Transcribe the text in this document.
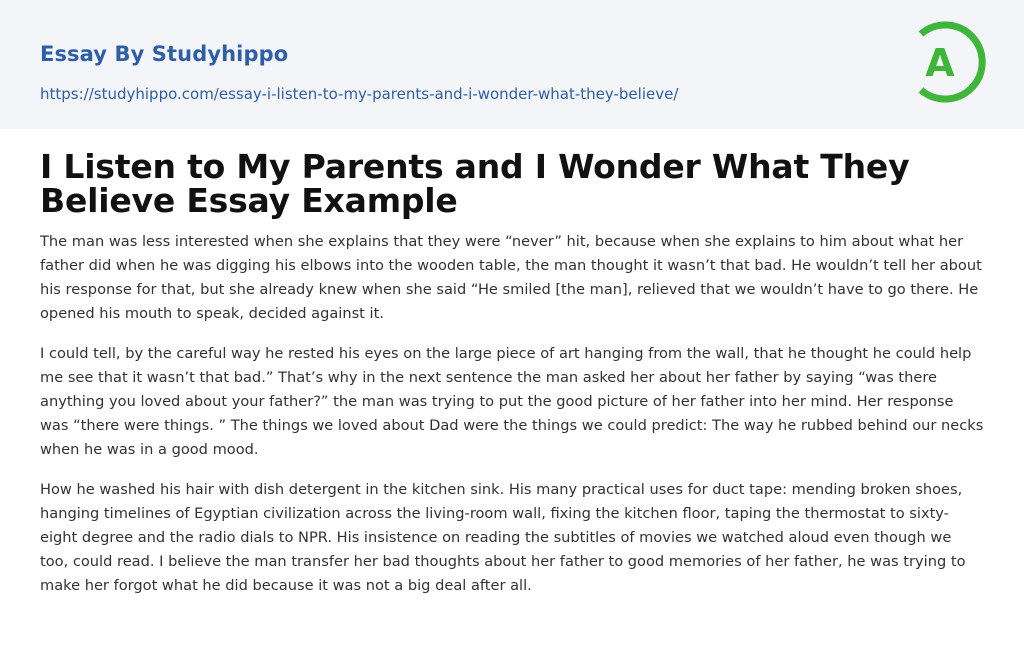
Essay By Studyhippo
https://studyhippo.com/essay-i-listen-to-my-parents-and-i-wonder-what-they-believe/
A
I Listen to My Parents and I Wonder What They Believe Essay Example

The man was less interested when she explains that they were “never” hit, because when she explains to him about what her father did when he was digging his elbows into the wooden table, the man thought it wasn’t that bad. He wouldn’t tell her about his response for that, but she already knew when she said “He smiled [the man], relieved that we wouldn’t have to go there. He opened his mouth to speak, decided against it.

I could tell, by the careful way he rested his eyes on the large piece of art hanging from the wall, that he thought he could help me see that it wasn’t that bad.” That’s why in the next sentence the man asked her about her father by saying “was there anything you loved about your father?” the man was trying to put the good picture of her father into her mind. Her response was “there were things. ” The things we loved about Dad were the things we could predict: The way he rubbed behind our necks when he was in a good mood.

How he washed his hair with dish detergent in the kitchen sink. His many practical uses for duct tape: mending broken shoes, hanging timelines of Egyptian civilization across the living-room wall, fixing the kitchen floor, taping the thermostat to sixty-eight degree and the radio dials to NPR. His insistence on reading the subtitles of movies we watched aloud even though we too, could read. I believe the man transfer her bad thoughts about her father to good memories of her father, he was trying to make her forgot what he did because it was not a big deal after all.
